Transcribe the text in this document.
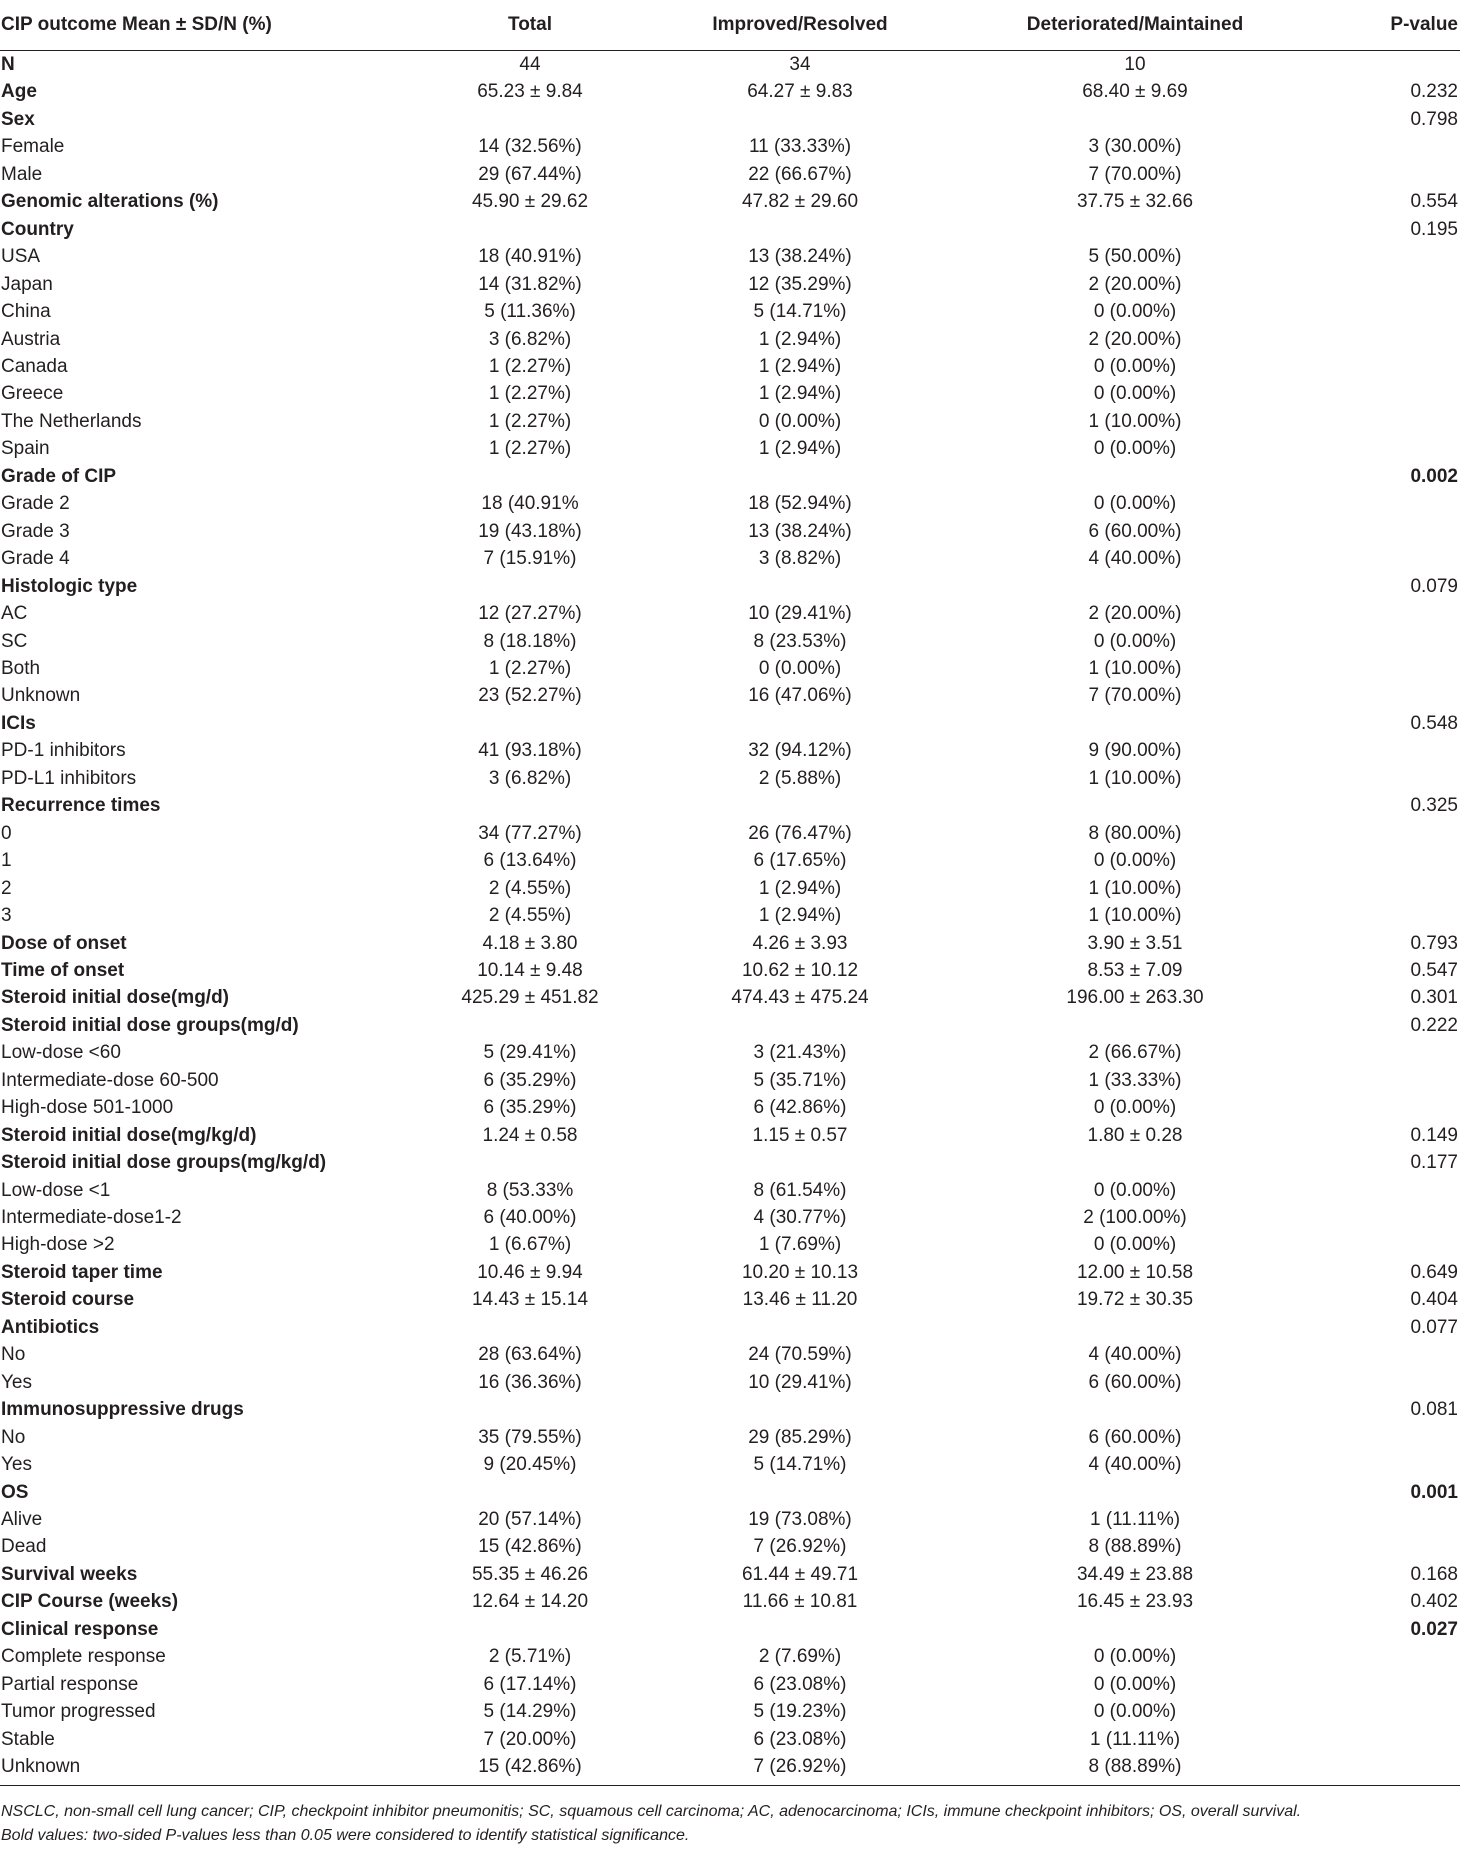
CIP outcome Mean ± SD/N (%)	Total	Improved/Resolved	Deteriorated/Maintained	P-value
N	44	34	10	
Age	65.23 ± 9.84	64.27 ± 9.83	68.40 ± 9.69	0.232
Sex				0.798
Female	14 (32.56%)	11 (33.33%)	3 (30.00%)	
Male	29 (67.44%)	22 (66.67%)	7 (70.00%)	
Genomic alterations (%)	45.90 ± 29.62	47.82 ± 29.60	37.75 ± 32.66	0.554
Country				0.195
USA	18 (40.91%)	13 (38.24%)	5 (50.00%)	
Japan	14 (31.82%)	12 (35.29%)	2 (20.00%)	
China	5 (11.36%)	5 (14.71%)	0 (0.00%)	
Austria	3 (6.82%)	1 (2.94%)	2 (20.00%)	
Canada	1 (2.27%)	1 (2.94%)	0 (0.00%)	
Greece	1 (2.27%)	1 (2.94%)	0 (0.00%)	
The Netherlands	1 (2.27%)	0 (0.00%)	1 (10.00%)	
Spain	1 (2.27%)	1 (2.94%)	0 (0.00%)	
Grade of CIP				0.002
Grade 2	18 (40.91%	18 (52.94%)	0 (0.00%)	
Grade 3	19 (43.18%)	13 (38.24%)	6 (60.00%)	
Grade 4	7 (15.91%)	3 (8.82%)	4 (40.00%)	
Histologic type				0.079
AC	12 (27.27%)	10 (29.41%)	2 (20.00%)	
SC	8 (18.18%)	8 (23.53%)	0 (0.00%)	
Both	1 (2.27%)	0 (0.00%)	1 (10.00%)	
Unknown	23 (52.27%)	16 (47.06%)	7 (70.00%)	
ICIs				0.548
PD-1 inhibitors	41 (93.18%)	32 (94.12%)	9 (90.00%)	
PD-L1 inhibitors	3 (6.82%)	2 (5.88%)	1 (10.00%)	
Recurrence times				0.325
0	34 (77.27%)	26 (76.47%)	8 (80.00%)	
1	6 (13.64%)	6 (17.65%)	0 (0.00%)	
2	2 (4.55%)	1 (2.94%)	1 (10.00%)	
3	2 (4.55%)	1 (2.94%)	1 (10.00%)	
Dose of onset	4.18 ± 3.80	4.26 ± 3.93	3.90 ± 3.51	0.793
Time of onset	10.14 ± 9.48	10.62 ± 10.12	8.53 ± 7.09	0.547
Steroid initial dose(mg/d)	425.29 ± 451.82	474.43 ± 475.24	196.00 ± 263.30	0.301
Steroid initial dose groups(mg/d)				0.222
Low-dose <60	5 (29.41%)	3 (21.43%)	2 (66.67%)	
Intermediate-dose 60-500	6 (35.29%)	5 (35.71%)	1 (33.33%)	
High-dose 501-1000	6 (35.29%)	6 (42.86%)	0 (0.00%)	
Steroid initial dose(mg/kg/d)	1.24 ± 0.58	1.15 ± 0.57	1.80 ± 0.28	0.149
Steroid initial dose groups(mg/kg/d)				0.177
Low-dose <1	8 (53.33%	8 (61.54%)	0 (0.00%)	
Intermediate-dose1-2	6 (40.00%)	4 (30.77%)	2 (100.00%)	
High-dose >2	1 (6.67%)	1 (7.69%)	0 (0.00%)	
Steroid taper time	10.46 ± 9.94	10.20 ± 10.13	12.00 ± 10.58	0.649
Steroid course	14.43 ± 15.14	13.46 ± 11.20	19.72 ± 30.35	0.404
Antibiotics				0.077
No	28 (63.64%)	24 (70.59%)	4 (40.00%)	
Yes	16 (36.36%)	10 (29.41%)	6 (60.00%)	
Immunosuppressive drugs				0.081
No	35 (79.55%)	29 (85.29%)	6 (60.00%)	
Yes	9 (20.45%)	5 (14.71%)	4 (40.00%)	
OS				0.001
Alive	20 (57.14%)	19 (73.08%)	1 (11.11%)	
Dead	15 (42.86%)	7 (26.92%)	8 (88.89%)	
Survival weeks	55.35 ± 46.26	61.44 ± 49.71	34.49 ± 23.88	0.168
CIP Course (weeks)	12.64 ± 14.20	11.66 ± 10.81	16.45 ± 23.93	0.402
Clinical response				0.027
Complete response	2 (5.71%)	2 (7.69%)	0 (0.00%)	
Partial response	6 (17.14%)	6 (23.08%)	0 (0.00%)	
Tumor progressed	5 (14.29%)	5 (19.23%)	0 (0.00%)	
Stable	7 (20.00%)	6 (23.08%)	1 (11.11%)	
Unknown	15 (42.86%)	7 (26.92%)	8 (88.89%)	
NSCLC, non-small cell lung cancer; CIP, checkpoint inhibitor pneumonitis; SC, squamous cell carcinoma; AC, adenocarcinoma; ICIs, immune checkpoint inhibitors; OS, overall survival.
Bold values: two-sided P-values less than 0.05 were considered to identify statistical significance.
